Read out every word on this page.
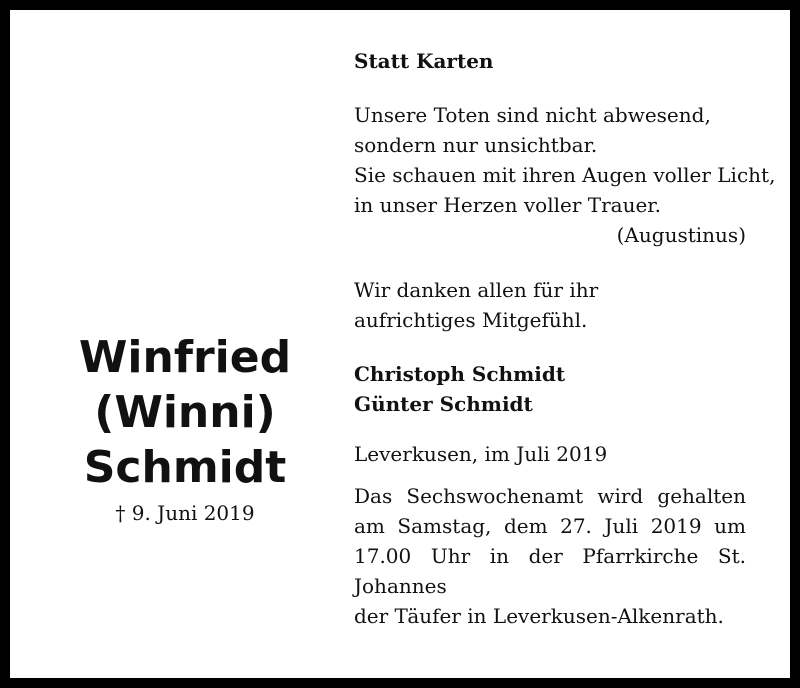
Winfried
(Winni)
Schmidt
† 9. Juni 2019
Statt Karten
Unsere Toten sind nicht abwesend,
sondern nur unsichtbar.
Sie schauen mit ihren Augen voller Licht,
in unser Herzen voller Trauer.
(Augustinus)
Wir danken allen für ihr
aufrichtiges Mitgefühl.
Christoph Schmidt
Günter Schmidt
Leverkusen, im Juli 2019
Das Sechswochenamt wird gehalten
am Samstag, dem 27. Juli 2019 um
17.00 Uhr in der Pfarrkirche St. Johannes
der Täufer in Leverkusen-Alkenrath.
